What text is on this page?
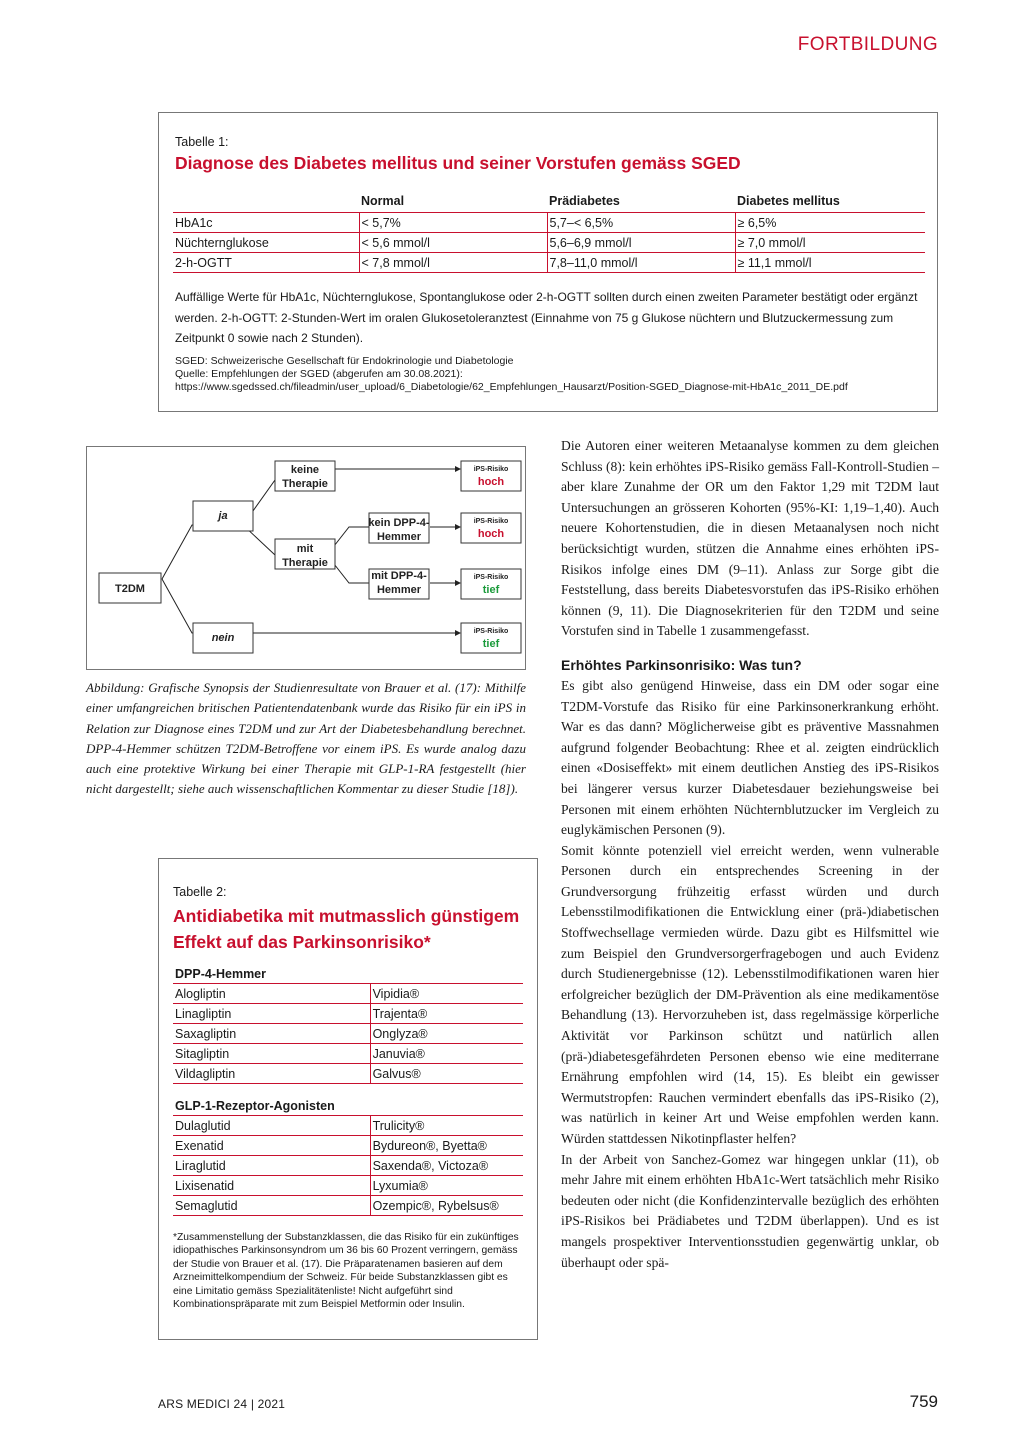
FORTBILDUNG
Tabelle 1:
Diagnose des Diabetes mellitus und seiner Vorstufen gemäss SGED
	Normal	Prädiabetes	Diabetes mellitus
HbA1c	< 5,7%	5,7–< 6,5%	≥ 6,5%
Nüchternglukose	< 5,6 mmol/l	5,6–6,9 mmol/l	≥ 7,0 mmol/l
2-h-OGTT	< 7,8 mmol/l	7,8–11,0 mmol/l	≥ 11,1 mmol/l
Auffällige Werte für HbA1c, Nüchternglukose, Spontanglukose oder 2-h-OGTT sollten durch einen zweiten Parameter bestätigt oder ergänzt werden. 2-h-OGTT: 2-Stunden-Wert im oralen Glukosetoleranztest (Einnahme von 75 g Glukose nüchtern und Blutzuckermessung zum Zeitpunkt 0 sowie nach 2 Stunden).
SGED: Schweizerische Gesellschaft für Endokrinologie und Diabetologie
Quelle: Empfehlungen der SGED (abgerufen am 30.08.2021):
https://www.sgedssed.ch/fileadmin/user_upload/6_Diabetologie/62_Empfehlungen_Hausarzt/Position-SGED_Diagnose-mit-HbA1c_2011_DE.pdf
T2DM
ja
nein
keine
Therapie
mit
Therapie
kein DPP-4-
Hemmer
mit DPP-4-
Hemmer
iPS-Risiko
hoch
iPS-Risiko
hoch
iPS-Risiko
tief
iPS-Risiko
tief
Abbildung: Grafische Synopsis der Studienresultate von Brauer et al. (17): Mithilfe einer umfangreichen britischen Patientendatenbank wurde das Risiko für ein iPS in Relation zur Diagnose eines T2DM und zur Art der Diabetesbehandlung berechnet. DPP-4-Hemmer schützen T2DM-Betroffene vor einem iPS. Es wurde analog dazu auch eine protektive Wirkung bei einer Therapie mit GLP-1-RA festgestellt (hier nicht dargestellt; siehe auch wissenschaftlichen Kommentar zu dieser Studie [18]).
Tabelle 2:
Antidiabetika mit mutmasslich günstigem Effekt auf das Parkinsonrisiko*
DPP-4-Hemmer	
Alogliptin	Vipidia®
Linagliptin	Trajenta®
Saxagliptin	Onglyza®
Sitagliptin	Januvia®
Vildagliptin	Galvus®
GLP-1-Rezeptor-Agonisten	
Dulaglutid	Trulicity®
Exenatid	Bydureon®, Byetta®
Liraglutid	Saxenda®, Victoza®
Lixisenatid	Lyxumia®
Semaglutid	Ozempic®, Rybelsus®
*Zusammenstellung der Substanzklassen, die das Risiko für ein zukünftiges idiopathisches Parkinsonsyndrom um 36 bis 60 Prozent verringern, gemäss der Studie von Brauer et al. (17). Die Präparatenamen basieren auf dem Arzneimittelkompendium der Schweiz. Für beide Substanzklassen gibt es eine Limitatio gemäss Spezialitätenliste! Nicht aufgeführt sind Kombinationspräparate mit zum Beispiel Metformin oder Insulin.

Die Autoren einer weiteren Metaanalyse kommen zu dem gleichen Schluss (8): kein erhöhtes iPS-Risiko gemäss Fall-Kontroll-Studien – aber klare Zunahme der OR um den Faktor 1,29 mit T2DM laut Untersuchungen an grösseren Kohorten (95%-KI: 1,19–1,40). Auch neuere Kohortenstudien, die in diesen Metaanalysen noch nicht berücksichtigt wurden, stützen die Annahme eines erhöhten iPS-Risikos infolge eines DM (9–11). Anlass zur Sorge gibt die Feststellung, dass bereits Diabetesvorstufen das iPS-Risiko erhöhen können (9, 11). Die Diagnosekriterien für den T2DM und seine Vorstufen sind in Tabelle 1 zusammengefasst.

Erhöhtes Parkinsonrisiko: Was tun?

Es gibt also genügend Hinweise, dass ein DM oder sogar eine T2DM-Vorstufe das Risiko für eine Parkinsonerkrankung erhöht. War es das dann? Möglicherweise gibt es präventive Massnahmen aufgrund folgender Beobachtung: Rhee et al. zeigten eindrücklich einen «Dosiseffekt» mit einem deutlichen Anstieg des iPS-Risikos bei längerer versus kurzer Diabetesdauer beziehungsweise bei Personen mit einem erhöhten Nüchternblutzucker im Vergleich zu euglykämischen Personen (9).

Somit könnte potenziell viel erreicht werden, wenn vulnerable Personen durch ein entsprechendes Screening in der Grundversorgung frühzeitig erfasst würden und durch Lebensstilmodifikationen die Entwicklung einer (prä-)diabetischen Stoffwechsellage vermieden würde. Dazu gibt es Hilfsmittel wie zum Beispiel den Grundversorgerfragebogen und auch Evidenz durch Studienergebnisse (12). Lebensstilmodifikationen waren hier erfolgreicher bezüglich der DM-Prävention als eine medikamentöse Behandlung (13). Hervorzuheben ist, dass regelmässige körperliche Aktivität vor Parkinson schützt und natürlich allen (prä-)diabetesgefährdeten Personen ebenso wie eine mediterrane Ernährung empfohlen wird (14, 15). Es bleibt ein gewisser Wermutstropfen: Rauchen vermindert ebenfalls das iPS-Risiko (2), was natürlich in keiner Art und Weise empfohlen werden kann. Würden stattdessen Nikotinpflaster helfen?

In der Arbeit von Sanchez-Gomez war hingegen unklar (11), ob mehr Jahre mit einem erhöhten HbA1c-Wert tatsächlich mehr Risiko bedeuten oder nicht (die Konfidenzintervalle bezüglich des erhöhten iPS-Risikos bei Prädiabetes und T2DM überlappen). Und es ist mangels prospektiver Interventionsstudien gegenwärtig unklar, ob überhaupt oder spä-

ARS MEDICI 24 | 2021	759
